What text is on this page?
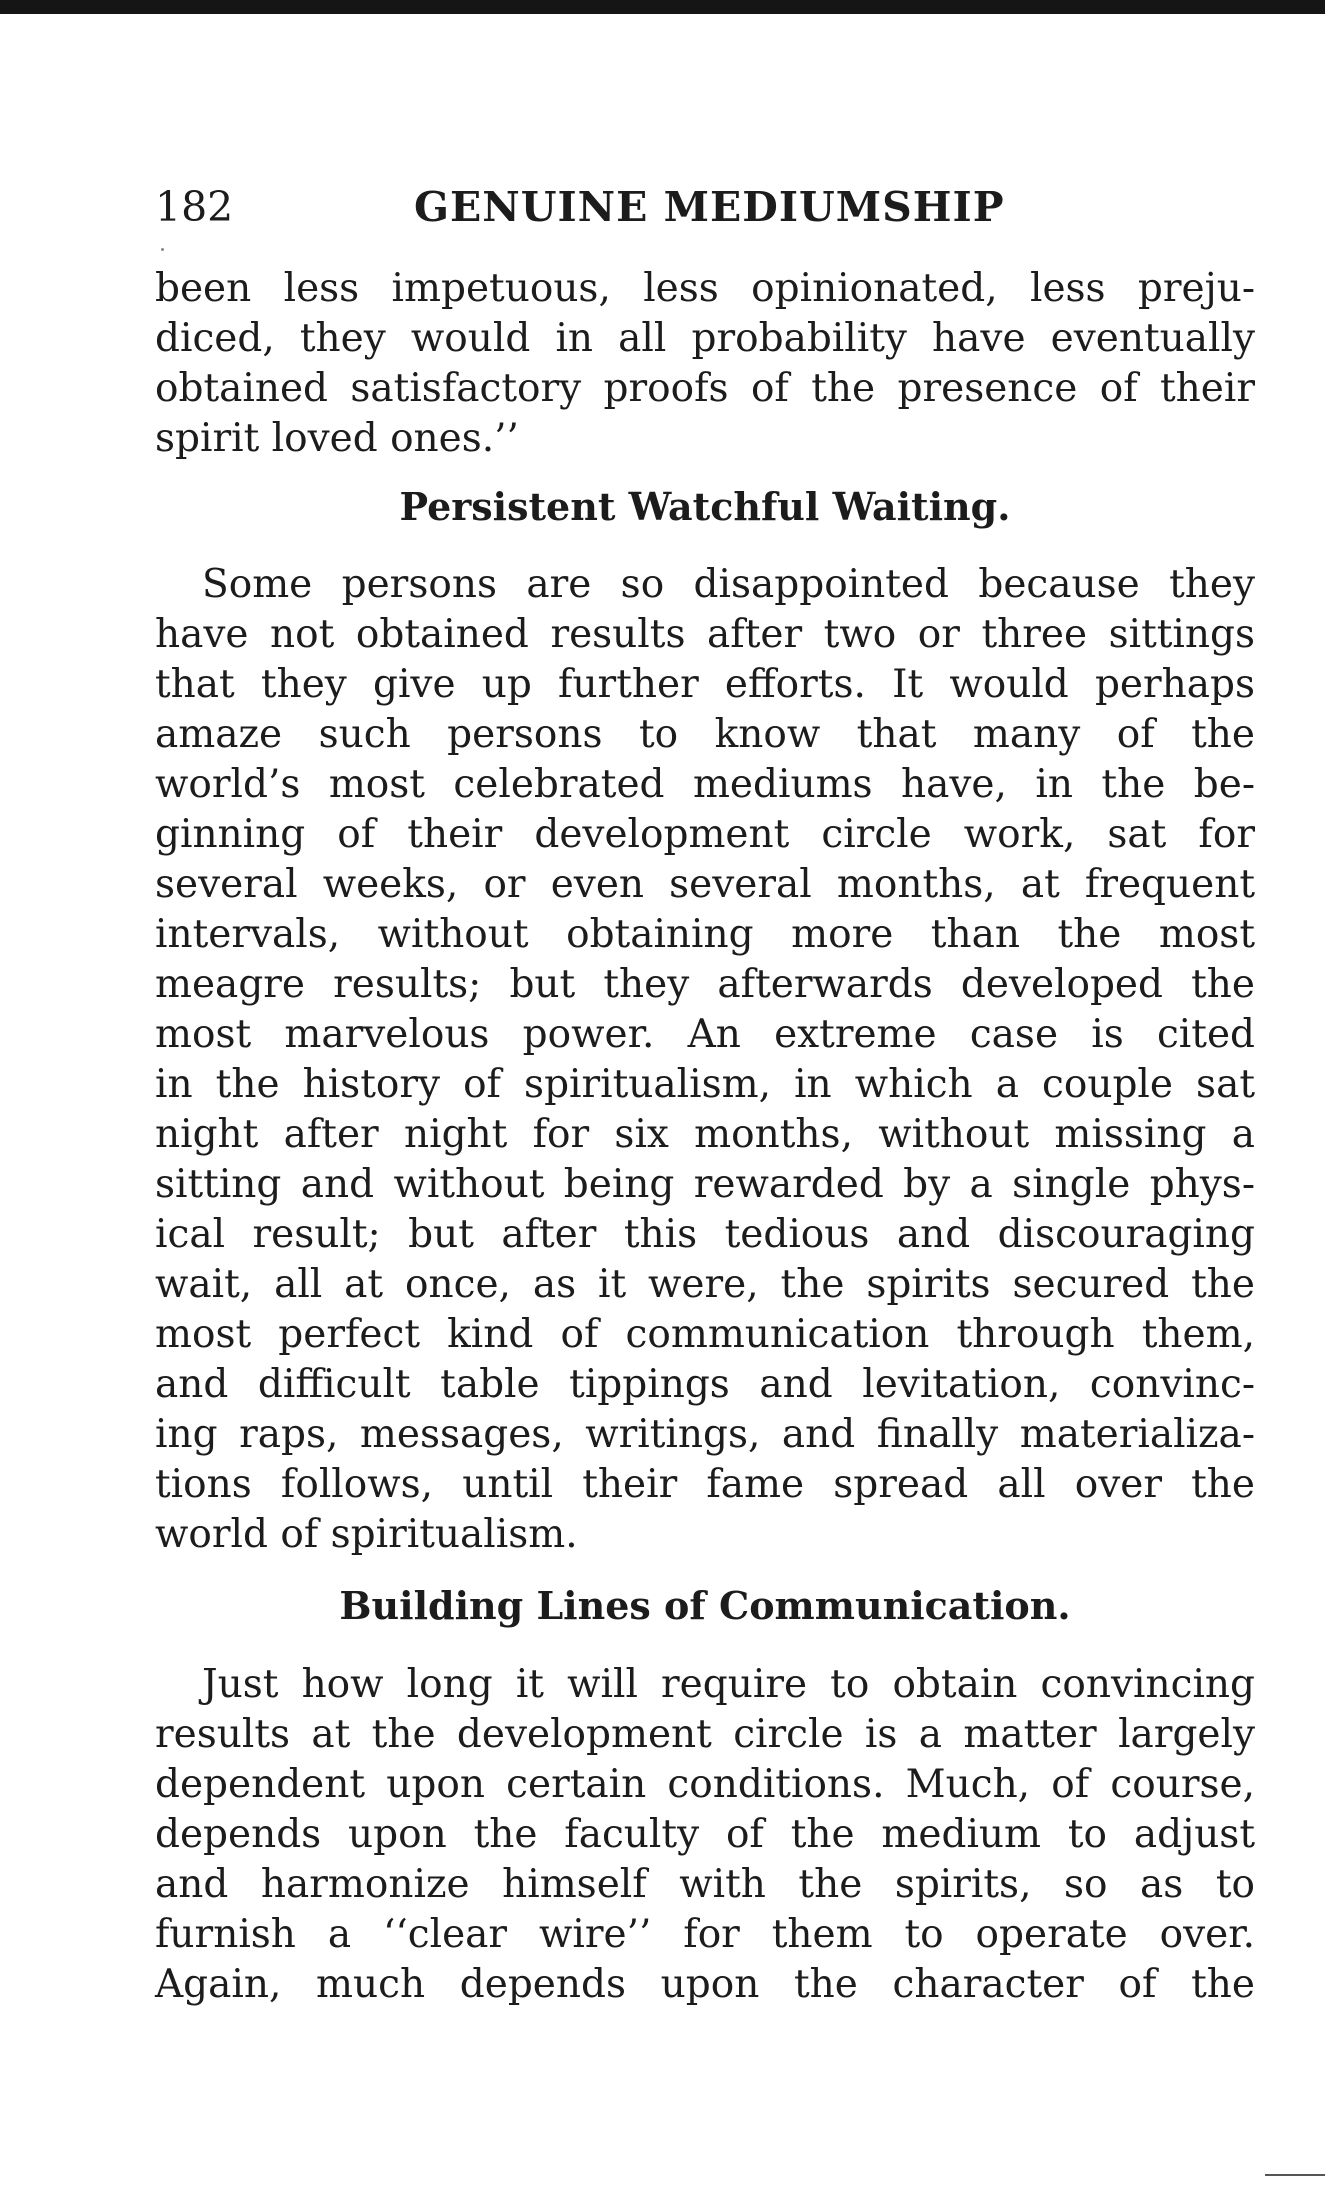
182	GENUINE MEDIUMSHIP
been less impetuous, less opinionated, less preju-
diced, they would in all probability have eventually
obtained satisfactory proofs of the presence of their
spirit loved ones.’’
Persistent Watchful Waiting.
Some persons are so disappointed because they
have not obtained results after two or three sittings
that they give up further efforts. It would perhaps
amaze such persons to know that many of the
world’s most celebrated mediums have, in the be-
ginning of their development circle work, sat for
several weeks, or even several months, at frequent
intervals, without obtaining more than the most
meagre results; but they afterwards developed the
most marvelous power. An extreme case is cited
in the history of spiritualism, in which a couple sat
night after night for six months, without missing a
sitting and without being rewarded by a single phys-
ical result; but after this tedious and discouraging
wait, all at once, as it were, the spirits secured the
most perfect kind of communication through them,
and difficult table tippings and levitation, convinc-
ing raps, messages, writings, and finally materializa-
tions follows, until their fame spread all over the
world of spiritualism.
Building Lines of Communication.
Just how long it will require to obtain convincing
results at the development circle is a matter largely
dependent upon certain conditions. Much, of course,
depends upon the faculty of the medium to adjust
and harmonize himself with the spirits, so as to
furnish a ‘‘clear wire’’ for them to operate over.
Again, much depends upon the character of the
